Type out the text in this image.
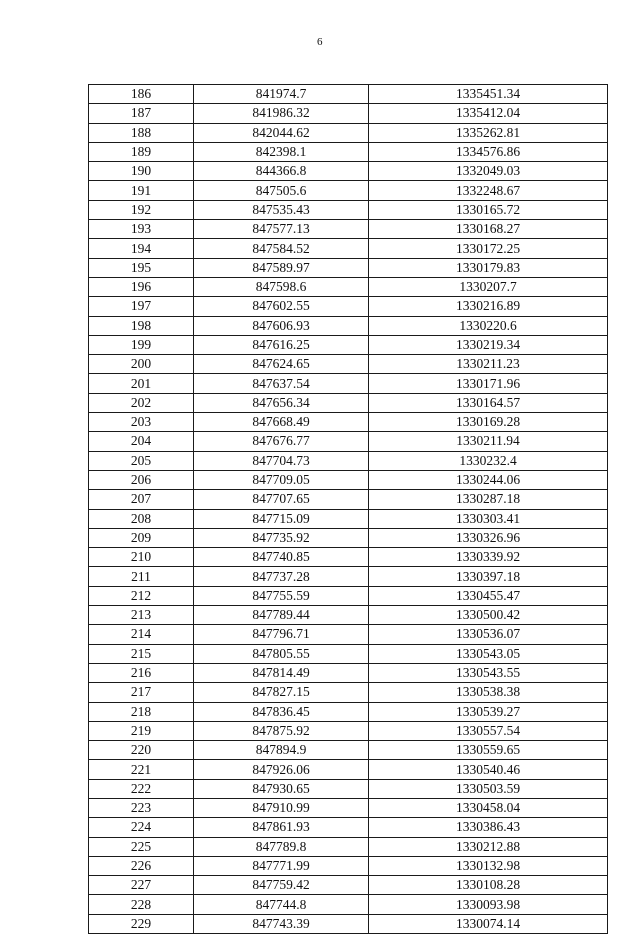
6
186	841974.7	1335451.34
187	841986.32	1335412.04
188	842044.62	1335262.81
189	842398.1	1334576.86
190	844366.8	1332049.03
191	847505.6	1332248.67
192	847535.43	1330165.72
193	847577.13	1330168.27
194	847584.52	1330172.25
195	847589.97	1330179.83
196	847598.6	1330207.7
197	847602.55	1330216.89
198	847606.93	1330220.6
199	847616.25	1330219.34
200	847624.65	1330211.23
201	847637.54	1330171.96
202	847656.34	1330164.57
203	847668.49	1330169.28
204	847676.77	1330211.94
205	847704.73	1330232.4
206	847709.05	1330244.06
207	847707.65	1330287.18
208	847715.09	1330303.41
209	847735.92	1330326.96
210	847740.85	1330339.92
211	847737.28	1330397.18
212	847755.59	1330455.47
213	847789.44	1330500.42
214	847796.71	1330536.07
215	847805.55	1330543.05
216	847814.49	1330543.55
217	847827.15	1330538.38
218	847836.45	1330539.27
219	847875.92	1330557.54
220	847894.9	1330559.65
221	847926.06	1330540.46
222	847930.65	1330503.59
223	847910.99	1330458.04
224	847861.93	1330386.43
225	847789.8	1330212.88
226	847771.99	1330132.98
227	847759.42	1330108.28
228	847744.8	1330093.98
229	847743.39	1330074.14
